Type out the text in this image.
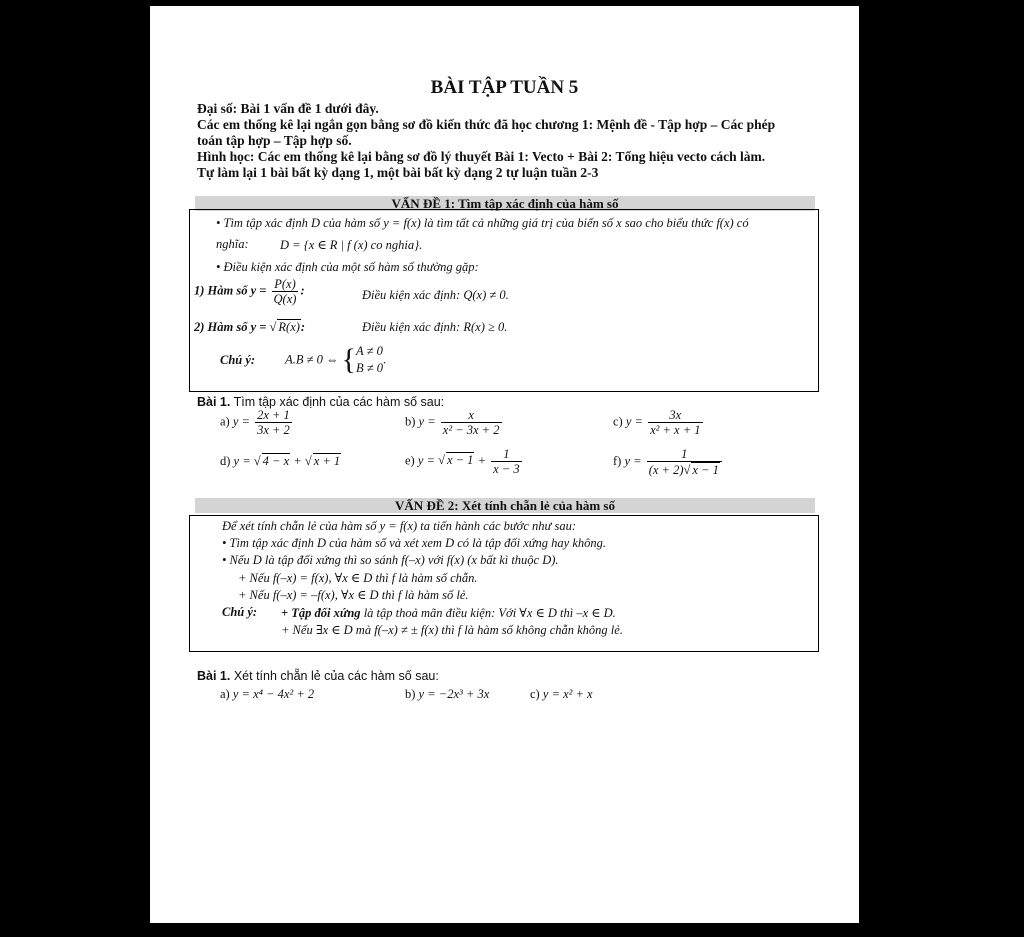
BÀI TẬP TUẦN 5
Đại số: Bài 1 vấn đề 1 dưới đây.
Các em thống kê lại ngắn gọn bằng sơ đồ kiến thức đã học chương 1: Mệnh đề - Tập hợp – Các phép
toán tập hợp – Tập hợp số.
Hình học: Các em thống kê lại bằng sơ đồ lý thuyết Bài 1: Vecto + Bài 2: Tổng hiệu vecto cách làm.
Tự làm lại 1 bài bất kỳ dạng 1, một bài bất kỳ dạng 2 tự luận tuần 2-3
VẤN ĐỀ 1: Tìm tập xác định của hàm số
• Tìm tập xác định D của hàm số y = f(x) là tìm tất cả những giá trị của biến số x sao cho biểu thức f(x) có
nghĩa:	D = {x ∈ R | f (x) co nghia}.
• Điều kiện xác định của một số hàm số thường gặp:
1) Hàm số $y = \frac{P(x)}{Q(x)}$ :	Điều kiện xác định: Q(x) ≠ 0.
2) Hàm số y = √ R(x):	Điều kiện xác định: R(x) ≥ 0.
Chú ý: A.B ≠ 0 ⇔ { A ≠ 0
B ≠ 0
.
Bài 1. Tìm tập xác định của các hàm số sau:
a) $y = \frac{2x + 1}{3x + 2}$	b) $y = \frac{x}{\text{x² − 3x + 2}}$	c) $y = \frac{3x}{\text{x² + x + 1}}$
d) y = √ 4 − x + √ x + 1	e) y = √ $x - 1 + \frac{1}{x - 3}$	f) $y = \frac{1}{(x + 2)√ x - 1}$
VẤN ĐỀ 2: Xét tính chẵn lẻ của hàm số
Để xét tính chẵn lẻ của hàm số y = f(x) ta tiến hành các bước như sau:
• Tìm tập xác định D của hàm số và xét xem D có là tập đối xứng hay không.
• Nếu D là tập đối xứng thì so sánh f(–x) với f(x) (x bất kì thuộc D).
+ Nếu f(–x) = f(x), ∀x ∈ D thì f là hàm số chẵn.
+ Nếu f(–x) = –f(x), ∀x ∈ D thì f là hàm số lẻ.
Chú ý: + Tập đối xứng là tập thoả mãn điều kiện: Với ∀x ∈ D thì –x ∈ D.
+ Nếu ∃x ∈ D mà f(–x) ≠ ± f(x) thì f là hàm số không chẵn không lẻ.
Bài 1. Xét tính chẵn lẻ của các hàm số sau:
a) y = x⁴ − 4x² + 2	b) y = −2x³ + 3x	c) y = x² + x
